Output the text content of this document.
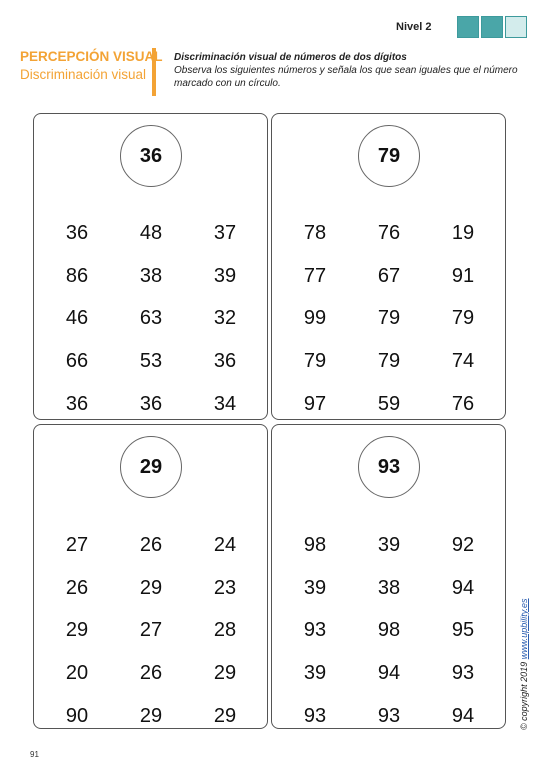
Nivel 2
PERCEPCIÓN VISUAL
Discriminación visual
Discriminación visual de números de dos dígitos
Observa los siguientes números y señala los que sean iguales que el número marcado con un círculo.
36
36	48	37
86	38	39
46	63	32
66	53	36
36	36	34
79
78	76	19
77	67	91
99	79	79
79	79	74
97	59	76
29
27	26	24
26	29	23
29	27	28
20	26	29
90	29	29
93
98	39	92
39	38	94
93	98	95
39	94	93
93	93	94	© copyright 2019 www.upbility.es
91
